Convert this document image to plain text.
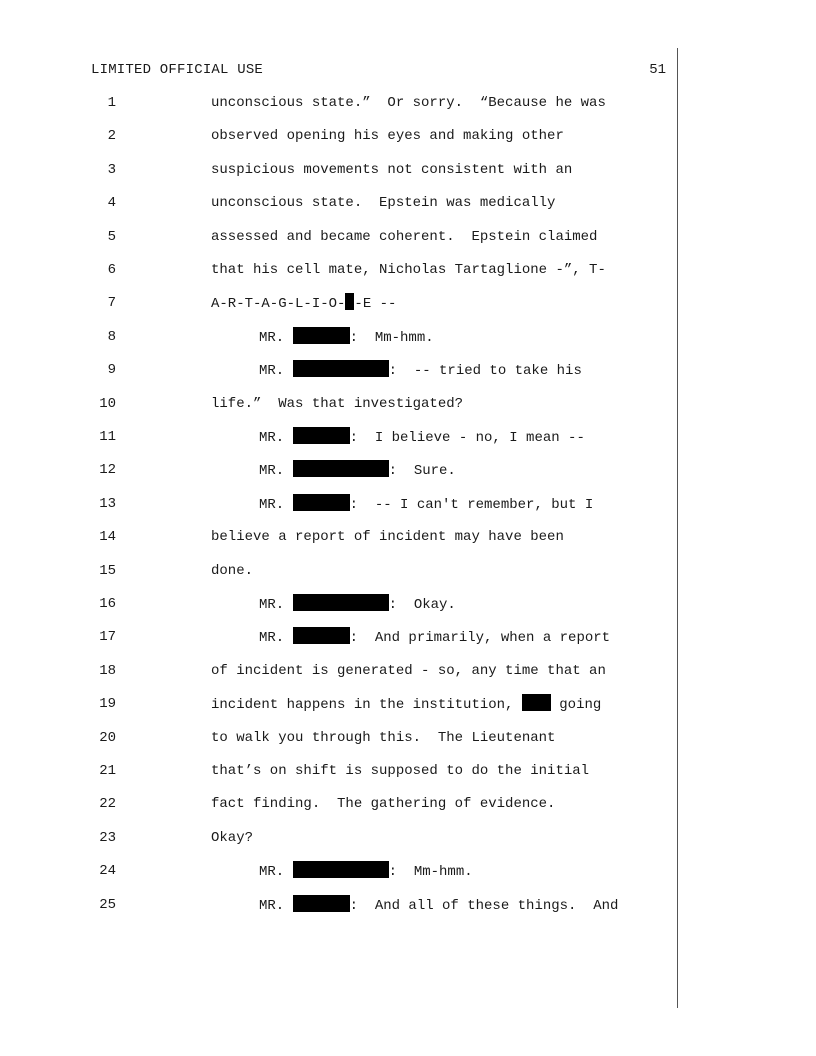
LIMITED OFFICIAL USE	51
1	unconscious state.”  Or sorry.  “Because he was
2	observed opening his eyes and making other
3	suspicious movements not consistent with an
4	unconscious state.  Epstein was medically
5	assessed and became coherent.  Epstein claimed
6	that his cell mate, Nicholas Tartaglione -”, T-
7	A-R-T-A-G-L-I-O- -E --
8	MR.	:  Mm-hmm.
9	MR.	:  -- tried to take his
10	life.”  Was that investigated?
11	MR.	:  I believe - no, I mean --
12	MR.	:  Sure.
13	MR.	:  -- I can't remember, but I
14	believe a report of incident may have been
15	done.
16	MR.	:  Okay.
17	MR.	:  And primarily, when a report
18	of incident is generated - so, any time that an
19	incident happens in the institution,  going
20	to walk you through this.  The Lieutenant
21	that’s on shift is supposed to do the initial
22	fact finding.  The gathering of evidence.
23	Okay?
24	MR.	:  Mm-hmm.
25	MR.	:  And all of these things.  And
